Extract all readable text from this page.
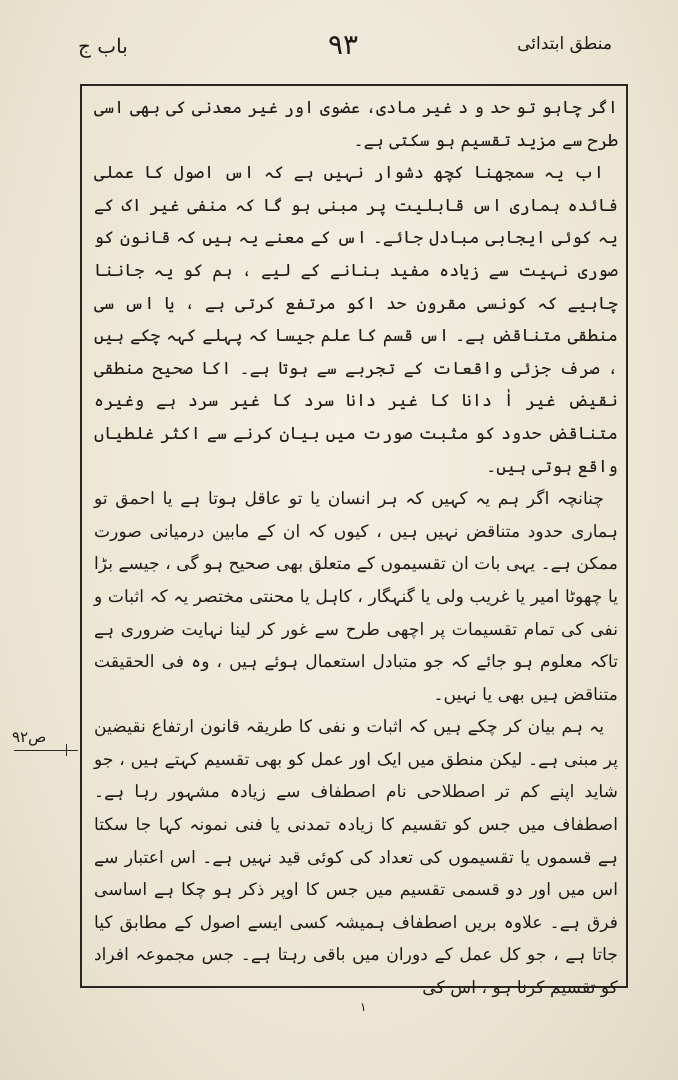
منطق ابتدائی
۹۳
باب ج

اگر چاہو تو حد و د غیر مادی، عضوی اور غیر معدنی کی بھی اسی طرح سے مزید تقسیم ہو سکتی ہے۔

اب یہ سمجھنا کچھ دشوار نہیں ہے کہ اس اصول کا عملی فائدہ ہماری اس قابلیت پر مبنی ہو گا کہ منفی غیر اک کے یہ کوئی ایجابی مبادل جائے۔ اس کے معنے یہ ہیں کہ قانون کو صوری نہیت سے زیادہ مفید بنانے کے لیے ، ہم کو یہ جاننا چاہیے کہ کونسی مقرون حد اکو مرتفع کرتی ہے ، یا اس سی منطقی متناقض ہے۔ اس قسم کا علم جیسا کہ پہلے کہہ چکے ہیں ، صرف جزئی واقعات کے تجربے سے ہوتا ہے۔ اکا صحیح منطقی نقیض غیر اٰ دانا کا غیر دانا سرد کا غیر سرد ہے وغیرہ متناقض حدود کو مثبت صورت میں بیان کرنے سے اکثر غلطیاں واقع ہوتی ہیں۔

چنانچہ اگر ہم یہ کہیں کہ ہر انسان یا تو عاقل ہوتا ہے یا احمق تو ہماری حدود متناقض نہیں ہیں ، کیوں کہ ان کے مابین درمیانی صورت ممکن ہے۔ یہی بات ان تقسیموں کے متعلق بھی صحیح ہو گی ، جیسے بڑا یا چھوٹا امیر یا غریب ولی یا گنہگار ، کاہل یا محنتی مختصر یہ کہ اثبات و نفی کی تمام تقسیمات پر اچھی طرح سے غور کر لینا نہایت ضروری ہے تاکہ معلوم ہو جائے کہ جو متبادل استعمال ہوئے ہیں ، وہ فی الحقیقت متناقض ہیں بھی یا نہیں۔

یہ ہم بیان کر چکے ہیں کہ اثبات و نفی کا طریقہ قانون ارتفاع نقیضین پر مبنی ہے۔ لیکن منطق میں ایک اور عمل کو بھی تقسیم کہتے ہیں ، جو شاید اپنے کم تر اصطلاحی نام اصطفاف سے زیادہ مشہور رہا ہے۔ اصطفاف میں جس کو تقسیم کا زیادہ تمدنی یا فنی نمونہ کہا جا سکتا ہے قسموں یا تقسیموں کی تعداد کی کوئی قید نہیں ہے۔ اس اعتبار سے اس میں اور دو قسمی تقسیم میں جس کا اوپر ذکر ہو چکا ہے اساسی فرق ہے۔ علاوہ بریں اصطفاف ہمیشہ کسی ایسے اصول کے مطابق کیا جاتا ہے ، جو کل عمل کے دوران میں باقی رہتا ہے۔ جس مجموعہ افراد کو تقسیم کرنا ہو ، اس کی

ص۹۲
۱
